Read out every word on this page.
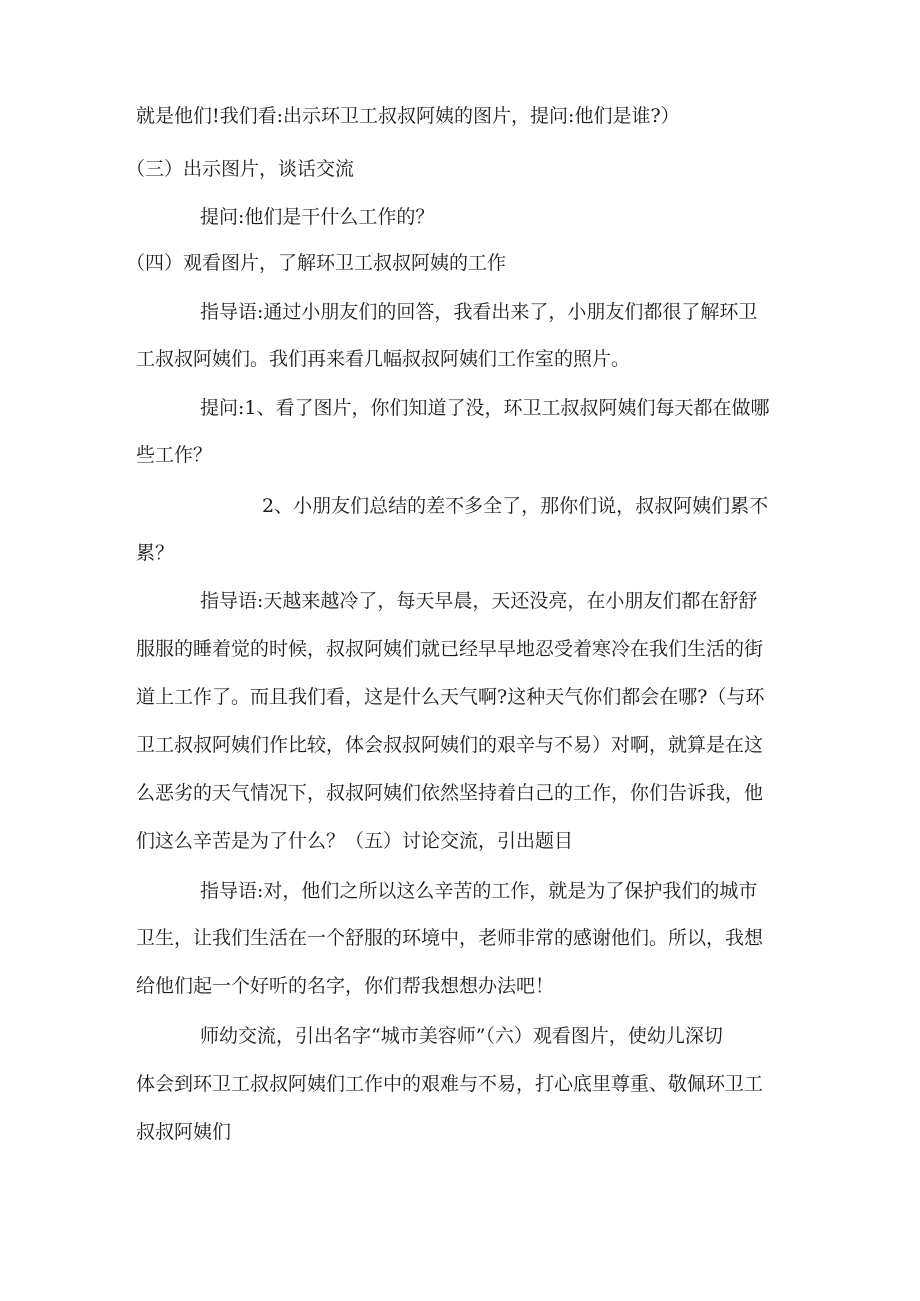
就是他们!我们看:出示环卫工叔叔阿姨的图片，提问:他们是谁?）
（三）出示图片，谈话交流
提问:他们是干什么工作的？
（四）观看图片，了解环卫工叔叔阿姨的工作
指导语:通过小朋友们的回答，我看出来了，小朋友们都很了解环卫
工叔叔阿姨们。我们再来看几幅叔叔阿姨们工作室的照片。
提问:1、看了图片，你们知道了没，环卫工叔叔阿姨们每天都在做哪
些工作？
2、小朋友们总结的差不多全了，那你们说，叔叔阿姨们累不
累？
指导语:天越来越冷了，每天早晨，天还没亮，在小朋友们都在舒舒
服服的睡着觉的时候，叔叔阿姨们就已经早早地忍受着寒冷在我们生活的街
道上工作了。而且我们看，这是什么天气啊?这种天气你们都会在哪?（与环
卫工叔叔阿姨们作比较，体会叔叔阿姨们的艰辛与不易）对啊，就算是在这
么恶劣的天气情况下，叔叔阿姨们依然坚持着白己的工作，你们告诉我，他
们这么辛苦是为了什么？（五）讨论交流，引出题目
指导语:对，他们之所以这么辛苦的工作，就是为了保护我们的城市
卫生，让我们生活在一个舒服的环境中，老师非常的感谢他们。所以，我想
给他们起一个好听的名字，你们帮我想想办法吧！
师幼交流，引出名字“城市美容师”（六）观看图片，使幼儿深切
体会到环卫工叔叔阿姨们工作中的艰难与不易，打心底里尊重、敬佩环卫工
叔叔阿姨们
